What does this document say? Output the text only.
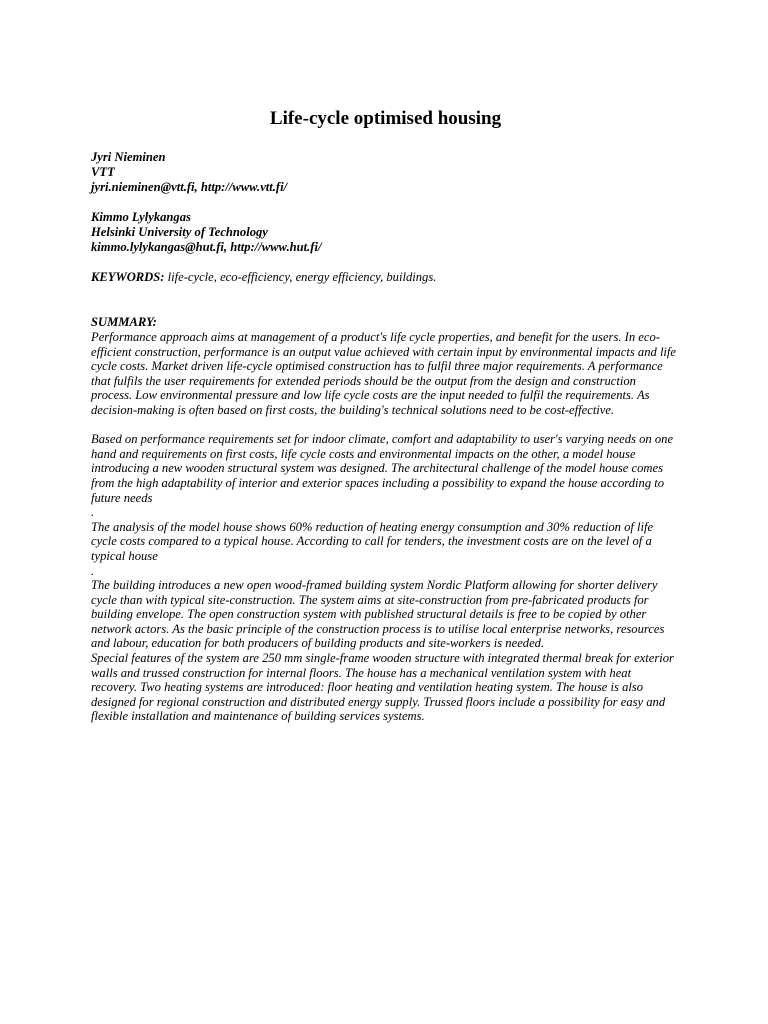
Life-cycle optimised housing
Jyri Nieminen
VTT
jyri.nieminen@vtt.fi, http://www.vtt.fi/
Kimmo Lylykangas
Helsinki University of Technology
kimmo.lylykangas@hut.fi, http://www.hut.fi/
KEYWORDS: life-cycle, eco-efficiency, energy efficiency, buildings.
SUMMARY:

Performance approach aims at management of a product's life cycle properties, and benefit for the users. In eco-efficient construction, performance is an output value achieved with certain input by environmental impacts and life cycle costs. Market driven life-cycle optimised construction has to fulfil three major requirements. A performance that fulfils the user requirements for extended periods should be the output from the design and construction process. Low environmental pressure and low life cycle costs are the input needed to fulfil the requirements. As decision-making is often based on first costs, the building's technical solutions need to be cost-effective.

Based on performance requirements set for indoor climate, comfort and adaptability to user's varying needs on one hand and requirements on first costs, life cycle costs and environmental impacts on the other, a model house introducing a new wooden structural system was designed. The architectural challenge of the model house comes from the high adaptability of interior and exterior spaces including a possibility to expand the house according to future needs

.

The analysis of the model house shows 60% reduction of heating energy consumption and 30% reduction of life cycle costs compared to a typical house. According to call for tenders, the investment costs are on the level of a typical house

.

The building introduces a new open wood-framed building system Nordic Platform allowing for shorter delivery cycle than with typical site-construction. The system aims at site-construction from pre-fabricated products for building envelope. The open construction system with published structural details is free to be copied by other network actors. As the basic principle of the construction process is to utilise local enterprise networks, resources and labour, education for both producers of building products and site-workers is needed.

Special features of the system are 250 mm single-frame wooden structure with integrated thermal break for exterior walls and trussed construction for internal floors. The house has a mechanical ventilation system with heat recovery. Two heating systems are introduced: floor heating and ventilation heating system. The house is also designed for regional construction and distributed energy supply. Trussed floors include a possibility for easy and flexible installation and maintenance of building services systems.
